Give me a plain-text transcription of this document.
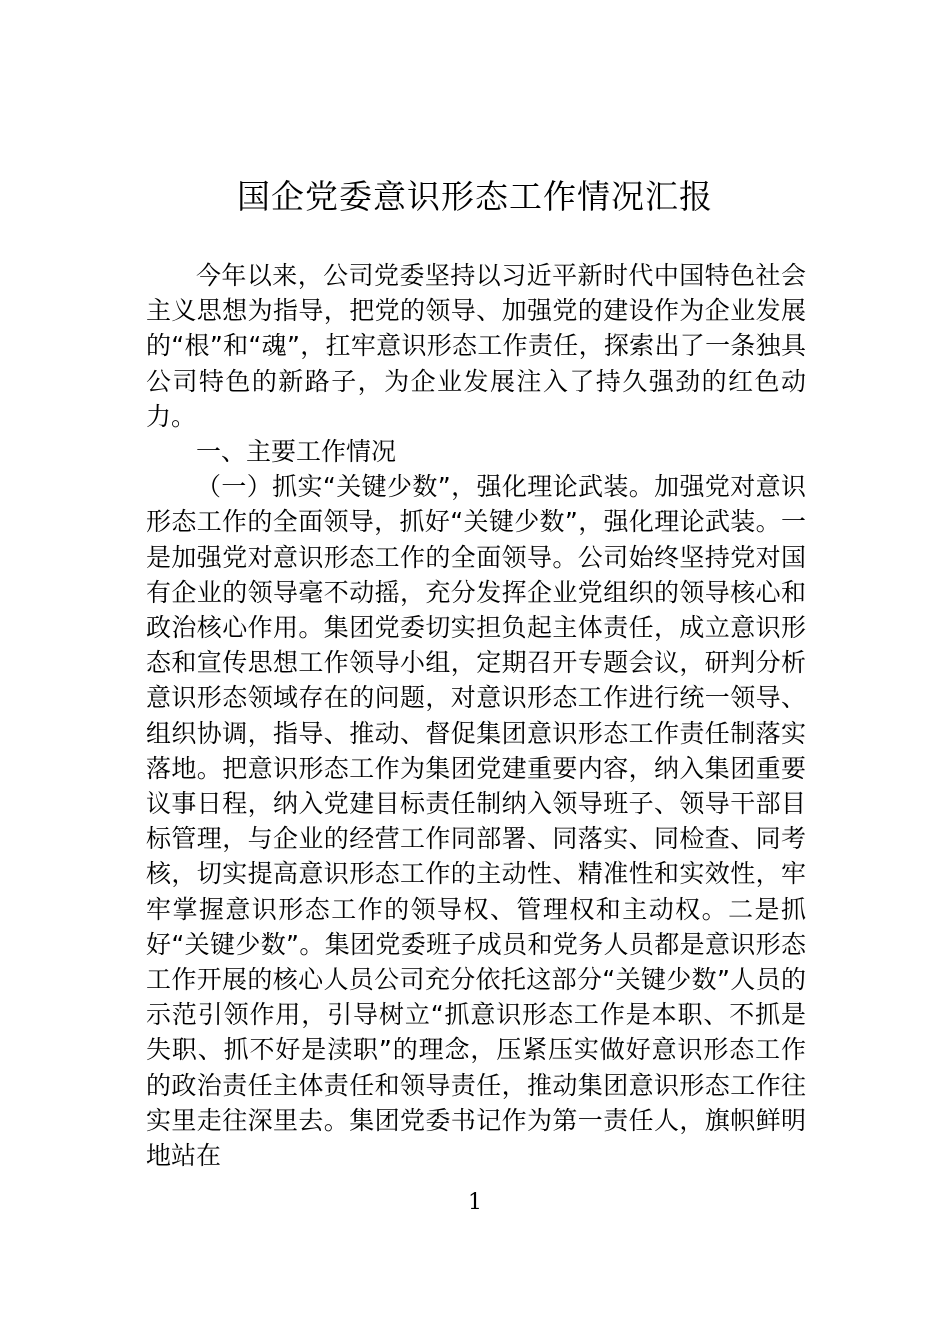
国企党委意识形态工作情况汇报

今年以来，公司党委坚持以习近平新时代中国特色社会主义思想为指导，把党的领导、加强党的建设作为企业发展的“根”和“魂”，扛牢意识形态工作责任，探索出了一条独具公司特色的新路子，为企业发展注入了持久强劲的红色动力。

一、主要工作情况

（一）抓实“关键少数”，强化理论武装。加强党对意识形态工作的全面领导，抓好“关键少数”，强化理论武装。一是加强党对意识形态工作的全面领导。公司始终坚持党对国有企业的领导毫不动摇，充分发挥企业党组织的领导核心和政治核心作用。集团党委切实担负起主体责任，成立意识形态和宣传思想工作领导小组，定期召开专题会议，研判分析意识形态领域存在的问题，对意识形态工作进行统一领导、组织协调，指导、推动、督促集团意识形态工作责任制落实落地。把意识形态工作为集团党建重要内容，纳入集团重要议事日程，纳入党建目标责任制纳入领导班子、领导干部目标管理，与企业的经营工作同部署、同落实、同检查、同考核，切实提高意识形态工作的主动性、精准性和实效性，牢牢掌握意识形态工作的领导权、管理权和主动权。二是抓好“关键少数”。集团党委班子成员和党务人员都是意识形态工作开展的核心人员公司充分依托这部分“关键少数”人员的示范引领作用，引导树立“抓意识形态工作是本职、不抓是失职、抓不好是渎职”的理念，压紧压实做好意识形态工作的政治责任主体责任和领导责任，推动集团意识形态工作往实里走往深里去。集团党委书记作为第一责任人，旗帜鲜明地站在

1
